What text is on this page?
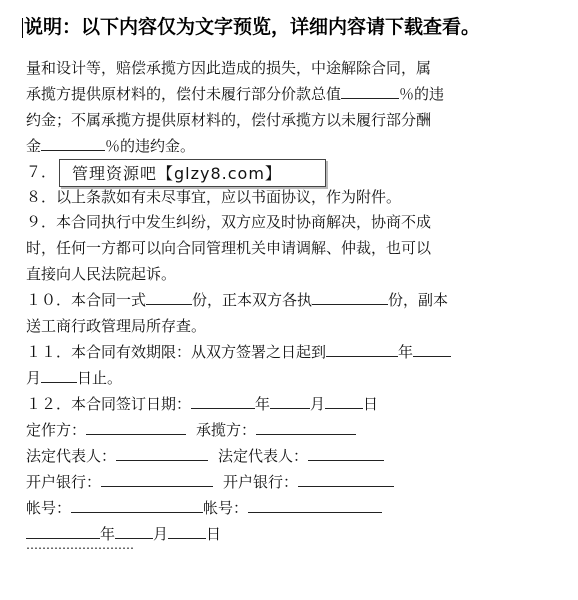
说明：以下内容仅为文字预览，详细内容请下载查看。
量和设计等，赔偿承揽方因此造成的损失，中途解除合同，属
承揽方提供原材料的，偿付未履行部分价款总值	％的违
约金；不属承揽方提供原材料的，偿付承揽方以未履行部分酬
金	％的违约金。
７．
８．以上条款如有未尽事宜，应以书面协议，作为附件。
９．本合同执行中发生纠纷，双方应及时协商解决，协商不成
时，任何一方都可以向合同管理机关申请调解、仲裁，也可以
直接向人民法院起诉。
１０．本合同一式	份，正本双方各执	份，副本
送工商行政管理局所存查。
１１．本合同有效期限：从双方签署之日起到	年
月 日止。
１２．本合同签订日期：	年	月	日
定作方：	承揽方：
法定代表人：	法定代表人：
开户银行：	开户银行：
帐号：	帐号：
年	月	日
管理资源吧【glzy8.com】
………………………
